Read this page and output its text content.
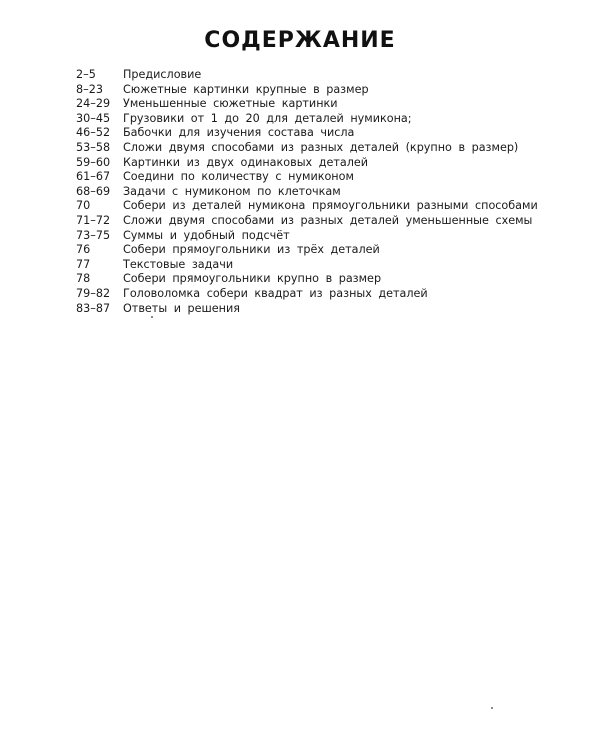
СОДЕРЖАНИЕ
2–5	Предисловие
8–23	Сюжетные картинки крупные в размер
24–29	Уменьшенные сюжетные картинки
30–45	Грузовики от 1 до 20 для деталей нумикона;
46–52	Бабочки для изучения состава числа
53–58	Сложи двумя способами из разных деталей (крупно в размер)
59–60	Картинки из двух одинаковых деталей
61–67	Соедини по количеству с нумиконом
68–69	Задачи с нумиконом по клеточкам
70	Собери из деталей нумикона прямоугольники разными способами
71–72	Сложи двумя способами из разных деталей уменьшенные схемы
73–75	Суммы и удобный подсчёт
76	Собери прямоугольники из трёх деталей
77	Текстовые задачи
78	Собери прямоугольники крупно в размер
79–82	Головоломка собери квадрат из разных деталей
83–87	Ответы и решения
